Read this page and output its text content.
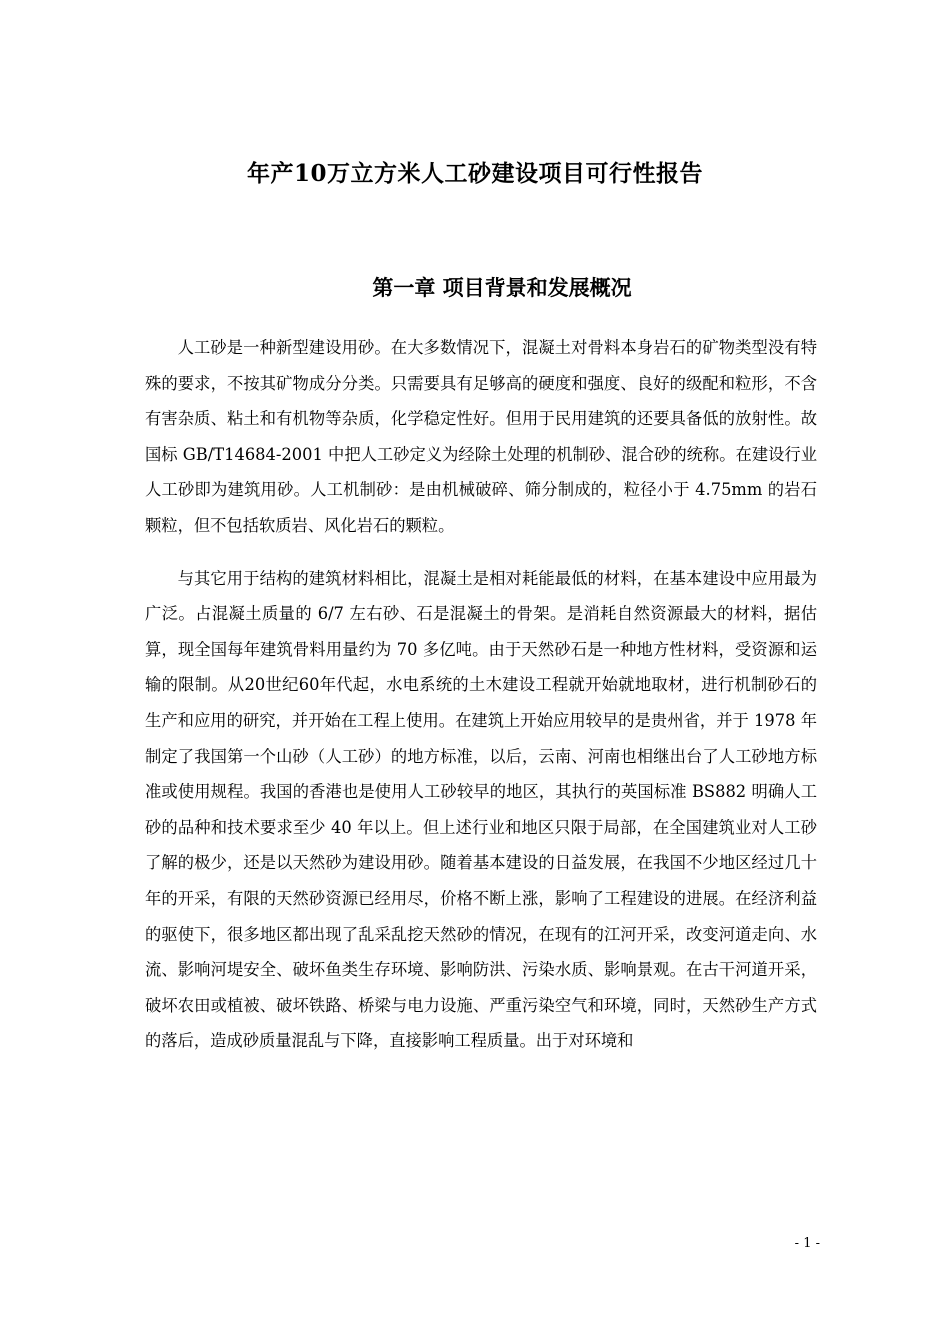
年产10万立方米人工砂建设项目可行性报告
第一章 项目背景和发展概况

人工砂是一种新型建设用砂。在大多数情况下，混凝土对骨料本身岩石的矿物类型没有特殊的要求，不按其矿物成分分类。只需要具有足够高的硬度和强度、良好的级配和粒形，不含有害杂质、粘土和有机物等杂质，化学稳定性好。但用于民用建筑的还要具备低的放射性。故国标 GB/T14684-2001 中把人工砂定义为经除土处理的机制砂、混合砂的统称。在建设行业人工砂即为建筑用砂。人工机制砂：是由机械破碎、筛分制成的，粒径小于 4.75mm 的岩石颗粒，但不包括软质岩、风化岩石的颗粒。

与其它用于结构的建筑材料相比，混凝土是相对耗能最低的材料，在基本建设中应用最为广泛。占混凝土质量的 6/7 左右砂、石是混凝土的骨架。是消耗自然资源最大的材料，据估算，现全国每年建筑骨料用量约为 70 多亿吨。由于天然砂石是一种地方性材料，受资源和运输的限制。从20世纪60年代起，水电系统的土木建设工程就开始就地取材，进行机制砂石的生产和应用的研究，并开始在工程上使用。在建筑上开始应用较早的是贵州省，并于 1978 年制定了我国第一个山砂（人工砂）的地方标准，以后，云南、河南也相继出台了人工砂地方标准或使用规程。我国的香港也是使用人工砂较早的地区，其执行的英国标准 BS882 明确人工砂的品种和技术要求至少 40 年以上。但上述行业和地区只限于局部，在全国建筑业对人工砂了解的极少，还是以天然砂为建设用砂。随着基本建设的日益发展，在我国不少地区经过几十年的开采，有限的天然砂资源已经用尽，价格不断上涨，影响了工程建设的进展。在经济利益的驱使下，很多地区都出现了乱采乱挖天然砂的情况，在现有的江河开采，改变河道走向、水流、影响河堤安全、破坏鱼类生存环境、影响防洪、污染水质、影响景观。在古干河道开采，破坏农田或植被、破坏铁路、桥梁与电力设施、严重污染空气和环境，同时，天然砂生产方式的落后，造成砂质量混乱与下降，直接影响工程质量。出于对环境和

- 1 -
